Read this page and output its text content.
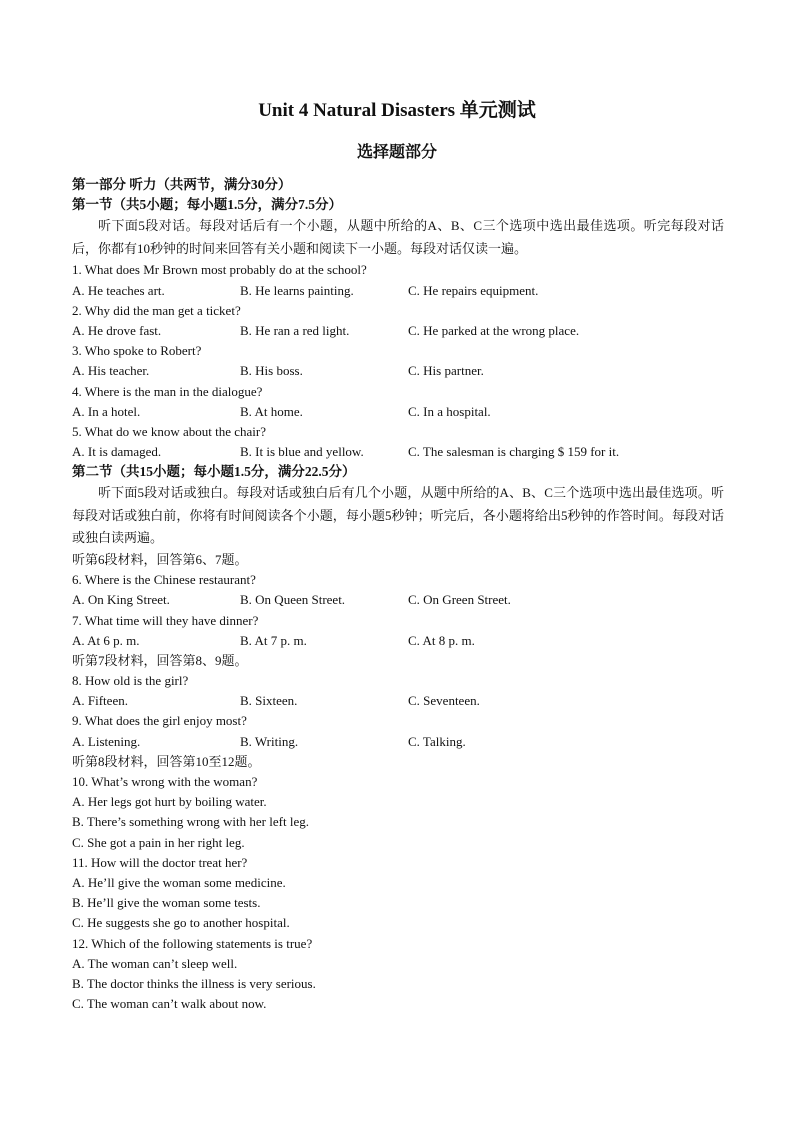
Unit 4 Natural Disasters 单元测试
选择题部分
第一部分 听力（共两节，满分30分）
第一节（共5小题；每小题1.5分，满分7.5分）
听下面5段对话。每段对话后有一个小题，从题中所给的A、B、C三个选项中选出最佳选项。听完每段对话后，你都有10秒钟的时间来回答有关小题和阅读下一小题。每段对话仅读一遍。
1. What does Mr Brown most probably do at the school?
A. He teaches art.	B. He learns painting.	C. He repairs equipment.
2. Why did the man get a ticket?
A. He drove fast.	B. He ran a red light.	C. He parked at the wrong place.
3. Who spoke to Robert?
A. His teacher.	B. His boss.	C. His partner.
4. Where is the man in the dialogue?
A. In a hotel.	B. At home.	C. In a hospital.
5. What do we know about the chair?
A. It is damaged.	B. It is blue and yellow.	C. The salesman is charging $ 159 for it.
第二节（共15小题；每小题1.5分，满分22.5分）
听下面5段对话或独白。每段对话或独白后有几个小题，从题中所给的A、B、C三个选项中选出最佳选项。听每段对话或独白前，你将有时间阅读各个小题，每小题5秒钟；听完后，各小题将给出5秒钟的作答时间。每段对话或独白读两遍。
听第6段材料，回答第6、7题。
6. Where is the Chinese restaurant?
A. On King Street.	B. On Queen Street.	C. On Green Street.
7. What time will they have dinner?
A. At 6 p. m.	B. At 7 p. m.	C. At 8 p. m.
听第7段材料，回答第8、9题。
8. How old is the girl?
A. Fifteen.	B. Sixteen.	C. Seventeen.
9. What does the girl enjoy most?
A. Listening.	B. Writing.	C. Talking.
听第8段材料，回答第10至12题。
10. What’s wrong with the woman?
A. Her legs got hurt by boiling water.
B. There’s something wrong with her left leg.
C. She got a pain in her right leg.
11. How will the doctor treat her?
A. He’ll give the woman some medicine.
B. He’ll give the woman some tests.
C. He suggests she go to another hospital.
12. Which of the following statements is true?
A. The woman can’t sleep well.
B. The doctor thinks the illness is very serious.
C. The woman can’t walk about now.
